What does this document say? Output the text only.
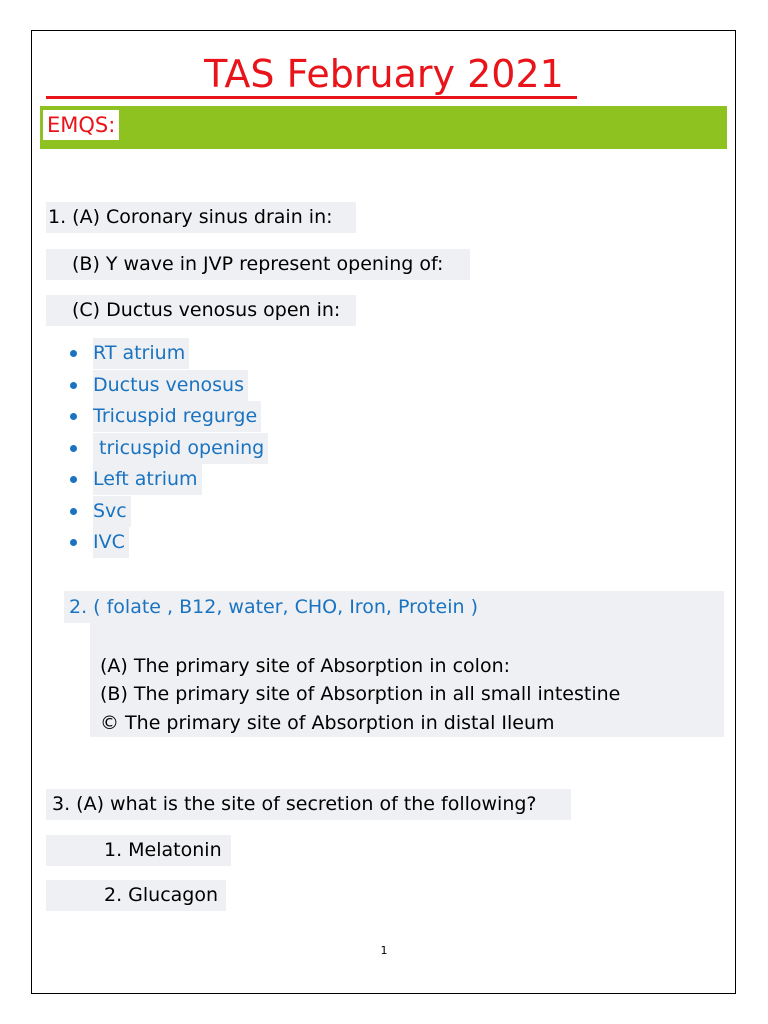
TAS February 2021
EMQS:
1. (A) Coronary sinus drain in:
(B) Y wave in JVP represent opening of:
(C) Ductus venosus open in:
RT atrium
Ductus venosus
Tricuspid regurge
tricuspid opening
Left atrium
Svc
IVC
2. ( folate , B12, water, CHO, Iron, Protein )
(A) The primary site of Absorption in colon:
(B) The primary site of Absorption in all small intestine
© The primary site of Absorption in distal Ileum
3. (A) what is the site of secretion of the following?
1. Melatonin
2. Glucagon
1
